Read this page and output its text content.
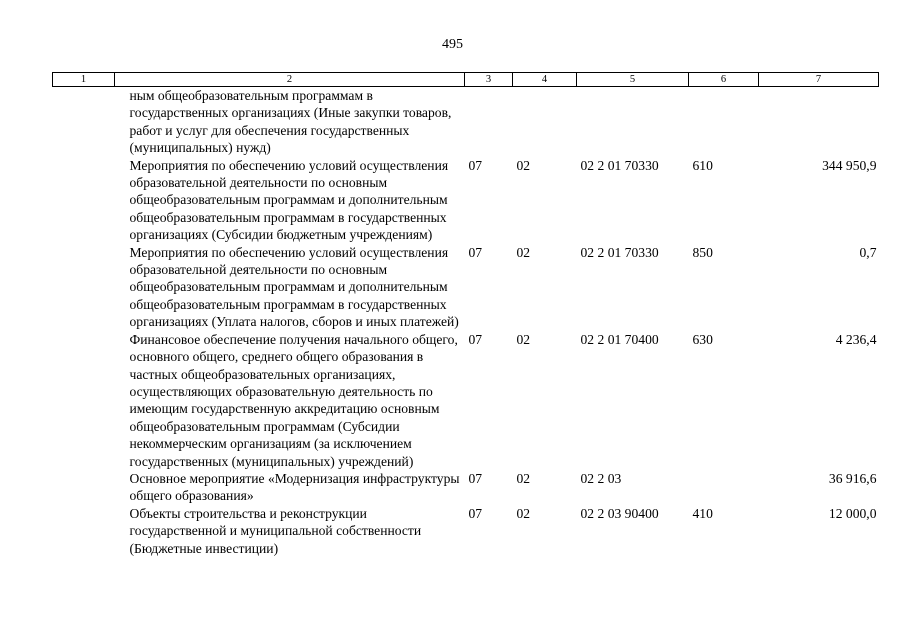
495
1	2	3	4	5	6	7
	ным общеобразовательным программам в государственных организациях (Иные закупки товаров, работ и услуг для обеспечения государственных (муниципальных) нужд)					
	Мероприятия по обеспечению условий осуществления образовательной деятельности по основным общеобразовательным программам и дополнительным общеобразовательным программам в государственных организациях (Субсидии бюджетным учреждениям)	07	02	02 2 01 70330	610	344 950,9
	Мероприятия по обеспечению условий осуществления образовательной деятельности по основным общеобразовательным программам и дополнительным общеобразовательным программам в государственных организациях (Уплата налогов, сборов и иных платежей)	07	02	02 2 01 70330	850	0,7
	Финансовое обеспечение получения начального общего, основного общего, среднего общего образования в частных общеобразовательных организациях, осуществляющих образовательную деятельность по имеющим государственную аккредитацию основным общеобразовательным программам (Субсидии некоммерческим организациям (за исключением государственных (муниципальных) учреждений)	07	02	02 2 01 70400	630	4 236,4
	Основное мероприятие «Модернизация инфраструктуры общего образования»	07	02	02 2 03		36 916,6
	Объекты строительства и реконструкции государственной и муниципальной собственности (Бюджетные инвестиции)	07	02	02 2 03 90400	410	12 000,0
